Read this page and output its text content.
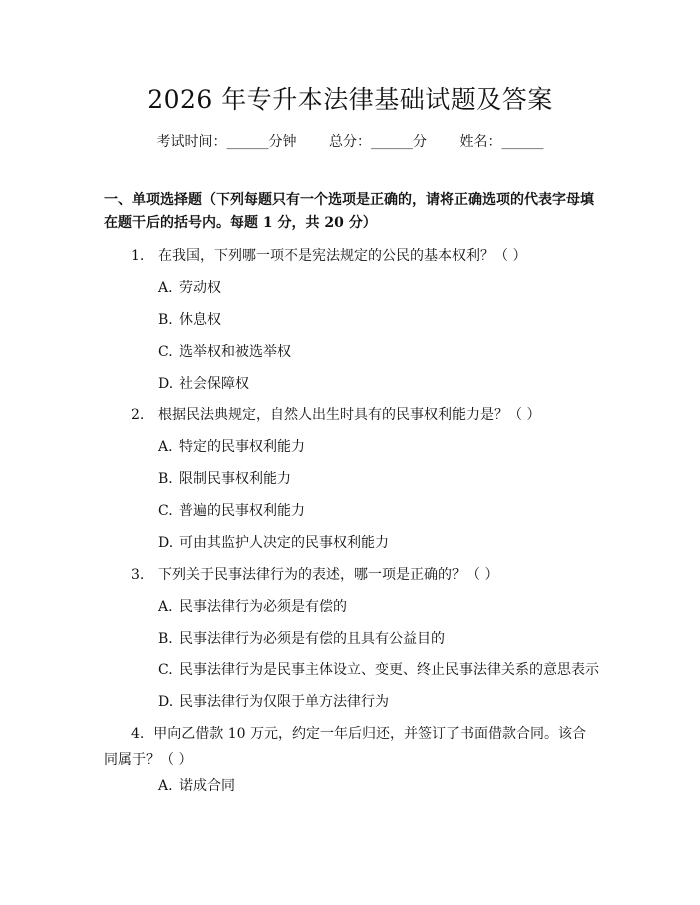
2026 年专升本法律基础试题及答案
考试时间：______分钟 总分：______分 姓名：______
一、单项选择题（下列每题只有一个选项是正确的，请将正确选项的代表字母填在题干后的括号内。每题 1 分，共 20 分）
1. 在我国，下列哪一项不是宪法规定的公民的基本权利？（ ）
A. 劳动权
B. 休息权
C. 选举权和被选举权
D. 社会保障权
2. 根据民法典规定，自然人出生时具有的民事权利能力是？（ ）
A. 特定的民事权利能力
B. 限制民事权利能力
C. 普遍的民事权利能力
D. 可由其监护人决定的民事权利能力
3. 下列关于民事法律行为的表述，哪一项是正确的？（ ）
A. 民事法律行为必须是有偿的
B. 民事法律行为必须是有偿的且具有公益目的
C. 民事法律行为是民事主体设立、变更、终止民事法律关系的意思表示
D. 民事法律行为仅限于单方法律行为
4. 甲向乙借款 10 万元，约定一年后归还，并签订了书面借款合同。该合同属于？（ ）
A. 诺成合同
